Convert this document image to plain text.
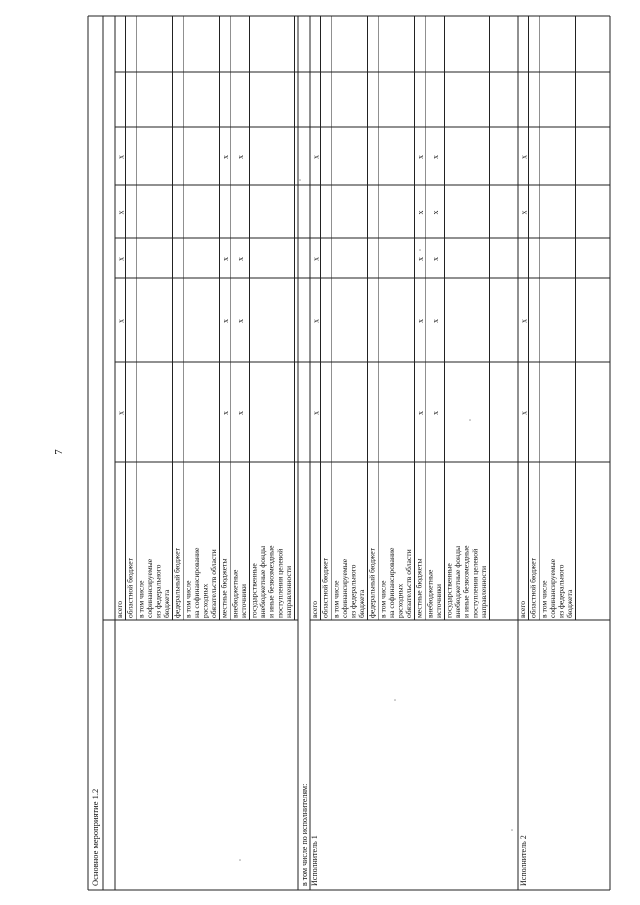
7
Основное мероприятие 1.2	в том числе по исполнителям: Исполнитель 1	Исполнитель 2
всего областной бюджет в том числе софинансируемые из федерального бюджета федеральный бюджет в том числе на софинансирование расходных обязательств области местные бюджеты внебюджетные источники государственные внебюджетные фонды и иные безвозмездные поступления целевой направленности
x
x
x
x
x
x
x
x
x
x
x
x
x
всего областной бюджет в том числе софинансируемые из федерального бюджета федеральный бюджет в том числе на софинансирование расходных обязательств области местные бюджеты внебюджетные источники государственные внебюджетные фонды и иные безвозмездные поступления целевой направленности
x
x
x
x
x
x
x
x
x
x
x
x
x
x
всего областной бюджет в том числе софинансируемые из федерального бюджета
x
x
x
x
